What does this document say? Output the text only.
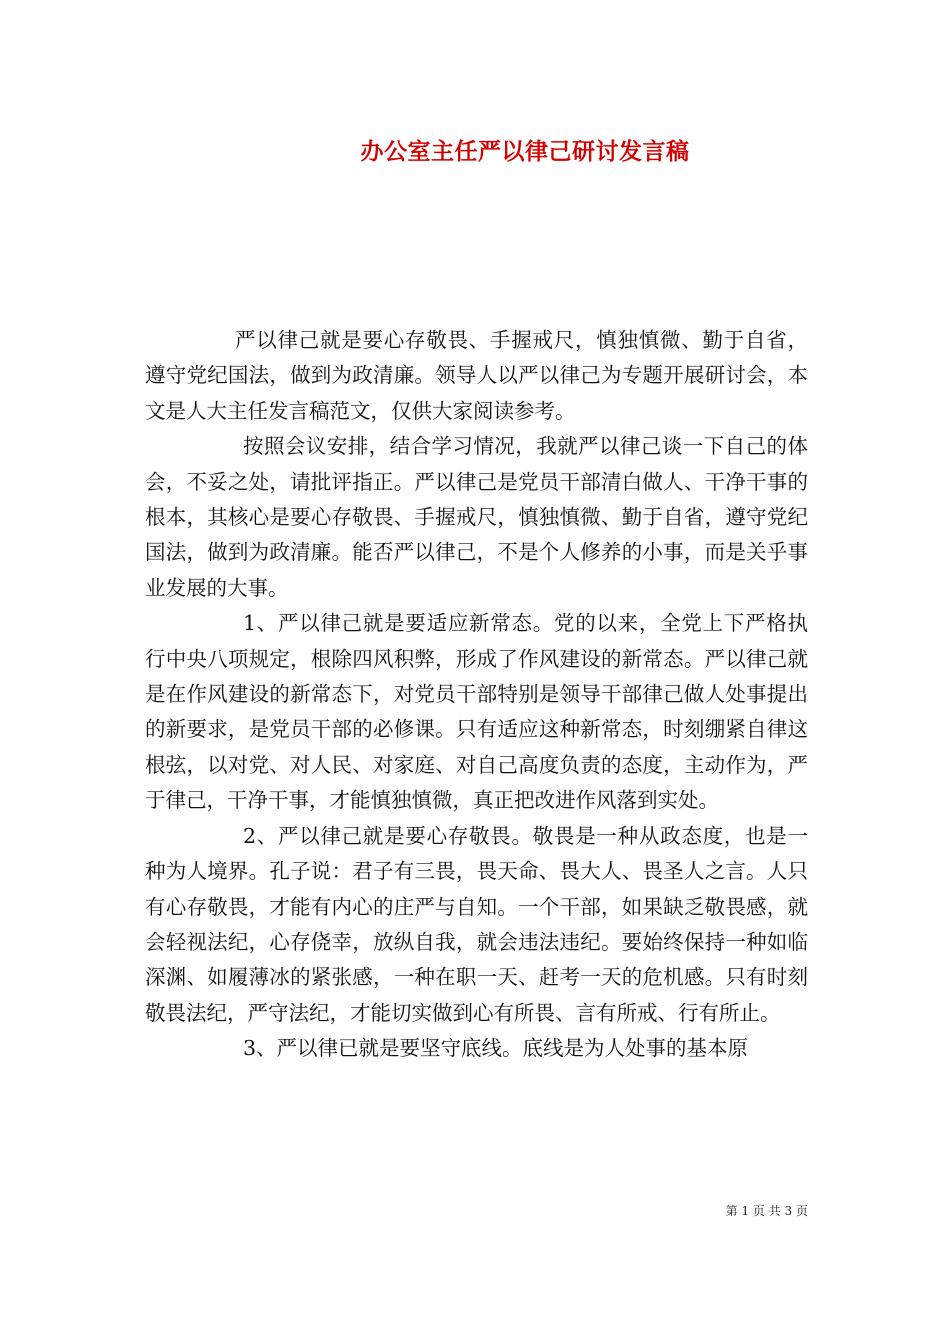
办公室主任严以律己研讨发言稿

严以律己就是要心存敬畏、手握戒尺，慎独慎微、勤于自省，遵守党纪国法，做到为政清廉。领导人以严以律己为专题开展研讨会，本文是人大主任发言稿范文，仅供大家阅读参考。

按照会议安排，结合学习情况，我就严以律己谈一下自己的体会，不妥之处，请批评指正。严以律己是党员干部清白做人、干净干事的根本，其核心是要心存敬畏、手握戒尺，慎独慎微、勤于自省，遵守党纪国法，做到为政清廉。能否严以律己，不是个人修养的小事，而是关乎事业发展的大事。

1、严以律己就是要适应新常态。党的以来，全党上下严格执行中央八项规定，根除四风积弊，形成了作风建设的新常态。严以律己就是在作风建设的新常态下，对党员干部特别是领导干部律己做人处事提出的新要求，是党员干部的必修课。只有适应这种新常态，时刻绷紧自律这根弦，以对党、对人民、对家庭、对自己高度负责的态度，主动作为，严于律己，干净干事，才能慎独慎微，真正把改进作风落到实处。

2、严以律己就是要心存敬畏。敬畏是一种从政态度，也是一种为人境界。孔子说：君子有三畏，畏天命、畏大人、畏圣人之言。人只有心存敬畏，才能有内心的庄严与自知。一个干部，如果缺乏敬畏感，就会轻视法纪，心存侥幸，放纵自我，就会违法违纪。要始终保持一种如临深渊、如履薄冰的紧张感，一种在职一天、赶考一天的危机感。只有时刻敬畏法纪，严守法纪，才能切实做到心有所畏、言有所戒、行有所止。

3、严以律已就是要坚守底线。底线是为人处事的基本原

第 1 页 共 3 页
